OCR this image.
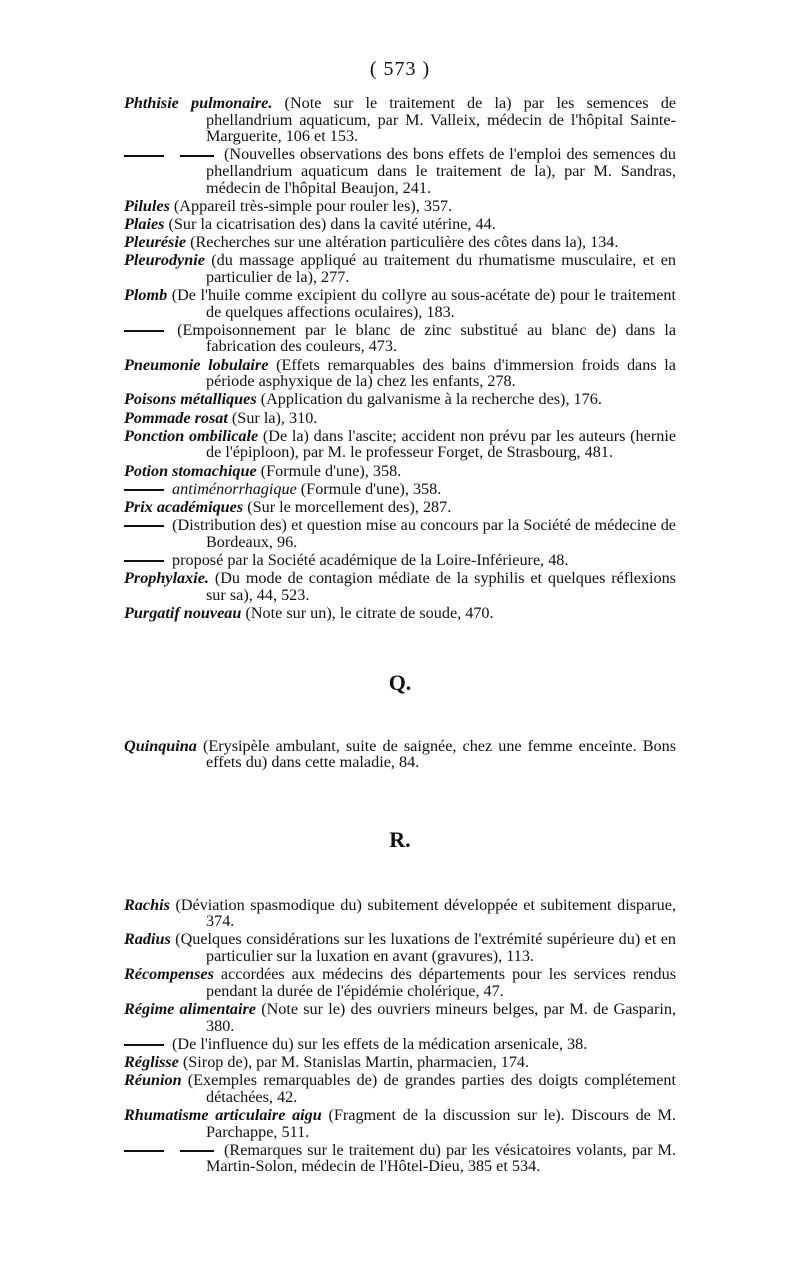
( 573 )
Phthisie pulmonaire. (Note sur le traitement de la) par les semences de phellandrium aquaticum, par M. Valleix, médecin de l'hôpital Sainte-Marguerite, 106 et 153.
(Nouvelles observations des bons effets de l'emploi des semences du phellandrium aquaticum dans le traitement de la), par M. Sandras, médecin de l'hôpital Beaujon, 241.
Pilules (Appareil très-simple pour rouler les), 357.
Plaies (Sur la cicatrisation des) dans la cavité utérine, 44.
Pleurésie (Recherches sur une altération particulière des côtes dans la), 134.
Pleurodynie (du massage appliqué au traitement du rhumatisme musculaire, et en particulier de la), 277.
Plomb (De l'huile comme excipient du collyre au sous-acétate de) pour le traitement de quelques affections oculaires), 183.
(Empoisonnement par le blanc de zinc substitué au blanc de) dans la fabrication des couleurs, 473.
Pneumonie lobulaire (Effets remarquables des bains d'immersion froids dans la période asphyxique de la) chez les enfants, 278.
Poisons métalliques (Application du galvanisme à la recherche des), 176.
Pommade rosat (Sur la), 310.
Ponction ombilicale (De la) dans l'ascite; accident non prévu par les auteurs (hernie de l'épiploon), par M. le professeur Forget, de Strasbourg, 481.
Potion stomachique (Formule d'une), 358.
antiménorrhagique (Formule d'une), 358.
Prix académiques (Sur le morcellement des), 287.
(Distribution des) et question mise au concours par la Société de médecine de Bordeaux, 96.
proposé par la Société académique de la Loire-Inférieure, 48.
Prophylaxie. (Du mode de contagion médiate de la syphilis et quelques réflexions sur sa), 44, 523.
Purgatif nouveau (Note sur un), le citrate de soude, 470.
Q.
Quinquina (Erysipèle ambulant, suite de saignée, chez une femme enceinte. Bons effets du) dans cette maladie, 84.
R.
Rachis (Déviation spasmodique du) subitement développée et subitement disparue, 374.
Radius (Quelques considérations sur les luxations de l'extrémité supérieure du) et en particulier sur la luxation en avant (gravures), 113.
Récompenses accordées aux médecins des départements pour les services rendus pendant la durée de l'épidémie cholérique, 47.
Régime alimentaire (Note sur le) des ouvriers mineurs belges, par M. de Gasparin, 380.
(De l'influence du) sur les effets de la médication arsenicale, 38.
Réglisse (Sirop de), par M. Stanislas Martin, pharmacien, 174.
Réunion (Exemples remarquables de) de grandes parties des doigts complétement détachées, 42.
Rhumatisme articulaire aigu (Fragment de la discussion sur le). Discours de M. Parchappe, 511.
(Remarques sur le traitement du) par les vésicatoires volants, par M. Martin-Solon, médecin de l'Hôtel-Dieu, 385 et 534.
